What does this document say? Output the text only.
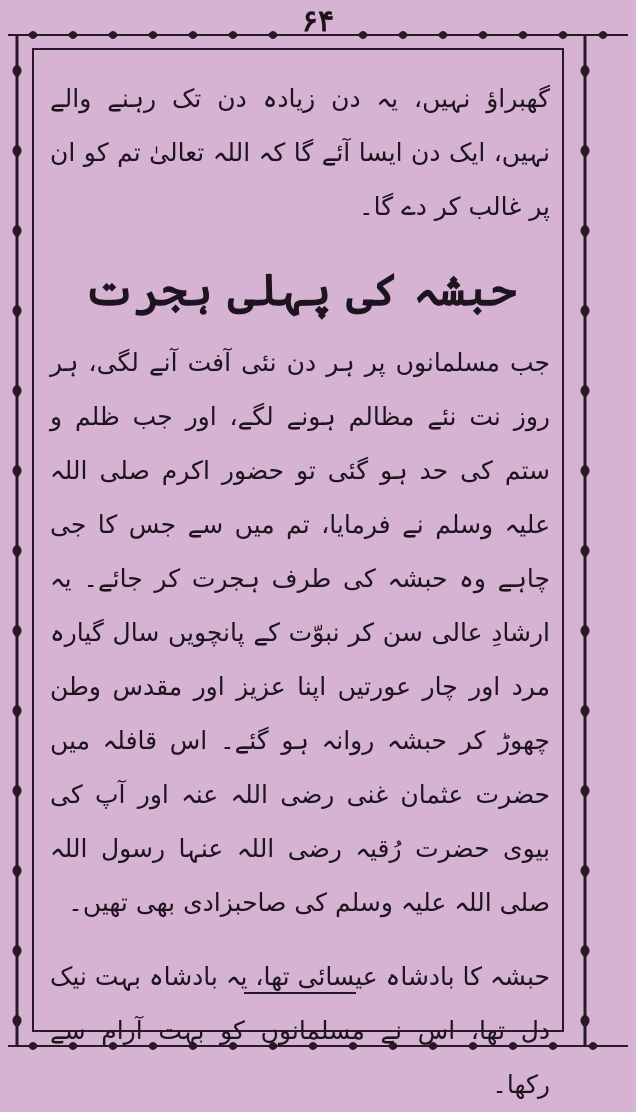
۶۴

گھبراؤ نہیں، یہ دن زیادہ دن تک رہنے والے نہیں، ایک دن ایسا آئے گا کہ اللہ تعالیٰ تم کو ان پر غالب کر دے گا۔

حبشہ کی پہلی ہجرت

جب مسلمانوں پر ہر دن نئی آفت آنے لگی، ہر روز نت نئے مظالم ہونے لگے، اور جب ظلم و ستم کی حد ہو گئی تو حضور اکرم صلی اللہ علیہ وسلم نے فرمایا، تم میں سے جس کا جی چاہے وہ حبشہ کی طرف ہجرت کر جائے۔ یہ ارشادِ عالی سن کر نبوّت کے پانچویں سال گیارہ مرد اور چار عورتیں اپنا عزیز اور مقدس وطن چھوڑ کر حبشہ روانہ ہو گئے۔ اس قافلہ میں حضرت عثمان غنی رضی اللہ عنہ اور آپ کی بیوی حضرت رُقیہ رضی اللہ عنہا رسول اللہ صلی اللہ علیہ وسلم کی صاحبزادی بھی تھیں۔

حبشہ کا بادشاہ عیسائی تھا، یہ بادشاہ بہت نیک دل تھا، اس نے مسلمانوں کو بہت آرام سے رکھا۔
